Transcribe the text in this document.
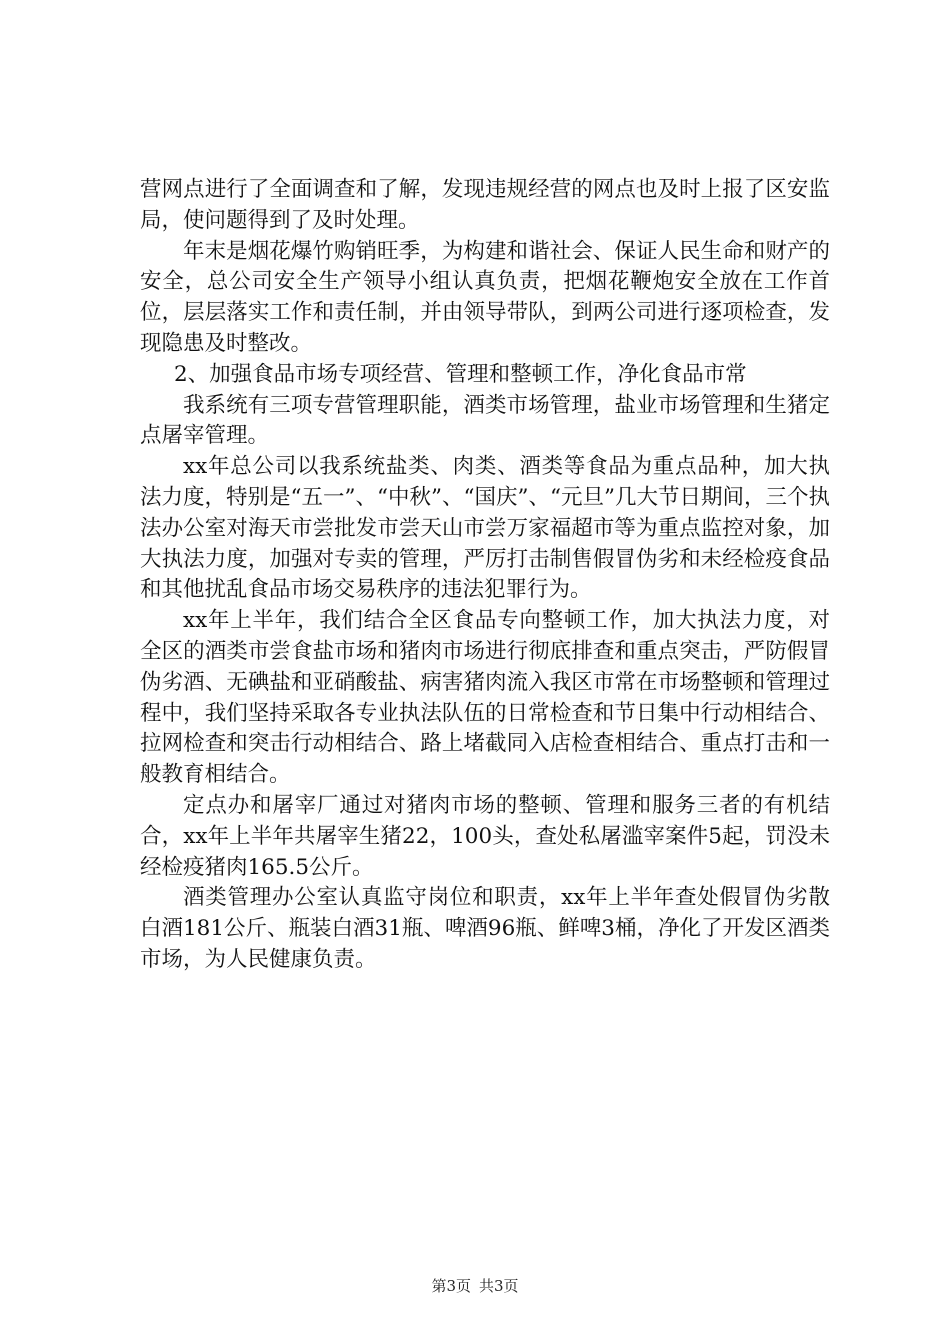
营网点进行了全面调查和了解，发现违规经营的网点也及时上报了区安监局，使问题得到了及时处理。

年末是烟花爆竹购销旺季，为构建和谐社会、保证人民生命和财产的安全，总公司安全生产领导小组认真负责，把烟花鞭炮安全放在工作首位，层层落实工作和责任制，并由领导带队，到两公司进行逐项检查，发现隐患及时整改。

2、加强食品市场专项经营、管理和整顿工作，净化食品市常

我系统有三项专营管理职能，酒类市场管理，盐业市场管理和生猪定点屠宰管理。

xx年总公司以我系统盐类、肉类、酒类等食品为重点品种，加大执法力度，特别是“五一”、“中秋”、“国庆”、“元旦”几大节日期间，三个执法办公室对海天市尝批发市尝天山市尝万家福超市等为重点监控对象，加大执法力度，加强对专卖的管理，严厉打击制售假冒伪劣和未经检疫食品和其他扰乱食品市场交易秩序的违法犯罪行为。

xx年上半年，我们结合全区食品专向整顿工作，加大执法力度，对全区的酒类市尝食盐市场和猪肉市场进行彻底排查和重点突击，严防假冒伪劣酒、无碘盐和亚硝酸盐、病害猪肉流入我区市常在市场整顿和管理过程中，我们坚持采取各专业执法队伍的日常检查和节日集中行动相结合、拉网检查和突击行动相结合、路上堵截同入店检查相结合、重点打击和一般教育相结合。

定点办和屠宰厂通过对猪肉市场的整顿、管理和服务三者的有机结合，xx年上半年共屠宰生猪22，100头，查处私屠滥宰案件5起，罚没未经检疫猪肉165.5公斤。

酒类管理办公室认真监守岗位和职责，xx年上半年查处假冒伪劣散白酒181公斤、瓶装白酒31瓶、啤酒96瓶、鲜啤3桶，净化了开发区酒类市场，为人民健康负责。

第3页 共3页
